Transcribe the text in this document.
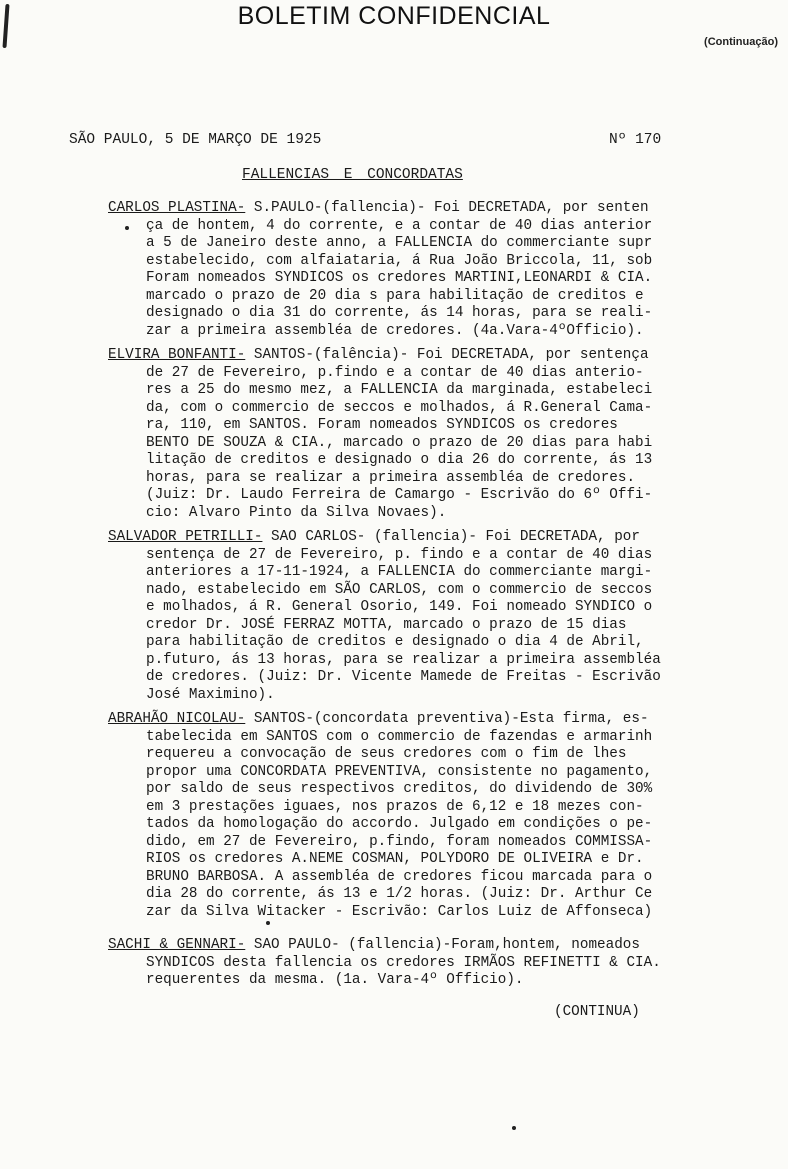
BOLETIM CONFIDENCIAL
(Continuação)
SÃO PAULO, 5 DE MARÇO DE 1925	Nº 170
FALLENCIAS E CONCORDATAS
CARLOS PLASTINA- S.PAULO-(fallencia)- Foi DECRETADA, por senten
ça de hontem, 4 do corrente, e a contar de 40 dias anterior
a 5 de Janeiro deste anno, a FALLENCIA do commerciante supr
estabelecido, com alfaiataria, á Rua João Briccola, 11, sob
Foram nomeados SYNDICOS os credores MARTINI,LEONARDI & CIA.
marcado o prazo de 20 dia s para habilitação de creditos e
designado o dia 31 do corrente, ás 14 horas, para se reali-
zar a primeira assembléa de credores. (4a.Vara-4ºOfficio).
ELVIRA BONFANTI- SANTOS-(falência)- Foi DECRETADA, por sentença
de 27 de Fevereiro, p.findo e a contar de 40 dias anterio-
res a 25 do mesmo mez, a FALLENCIA da marginada, estabeleci
da, com o commercio de seccos e molhados, á R.General Cama-
ra, 110, em SANTOS. Foram nomeados SYNDICOS os credores
BENTO DE SOUZA & CIA., marcado o prazo de 20 dias para habi
litação de creditos e designado o dia 26 do corrente, ás 13
horas, para se realizar a primeira assembléa de credores.
(Juiz: Dr. Laudo Ferreira de Camargo - Escrivão do 6º Offi-
cio: Alvaro Pinto da Silva Novaes).
SALVADOR PETRILLI- SAO CARLOS- (fallencia)- Foi DECRETADA, por
sentença de 27 de Fevereiro, p. findo e a contar de 40 dias
anteriores a 17-11-1924, a FALLENCIA do commerciante margi-
nado, estabelecido em SÃO CARLOS, com o commercio de seccos
e molhados, á R. General Osorio, 149. Foi nomeado SYNDICO o
credor Dr. JOSÉ FERRAZ MOTTA, marcado o prazo de 15 dias
para habilitação de creditos e designado o dia 4 de Abril,
p.futuro, ás 13 horas, para se realizar a primeira assembléa
de credores. (Juiz: Dr. Vicente Mamede de Freitas - Escrivão
José Maximino).
ABRAHÃO NICOLAU- SANTOS-(concordata preventiva)-Esta firma, es-
tabelecida em SANTOS com o commercio de fazendas e armarinh
requereu a convocação de seus credores com o fim de lhes
propor uma CONCORDATA PREVENTIVA, consistente no pagamento,
por saldo de seus respectivos creditos, do dividendo de 30%
em 3 prestações iguaes, nos prazos de 6,12 e 18 mezes con-
tados da homologação do accordo. Julgado em condições o pe-
dido, em 27 de Fevereiro, p.findo, foram nomeados COMMISSA-
RIOS os credores A.NEME COSMAN, POLYDORO DE OLIVEIRA e Dr.
BRUNO BARBOSA. A assembléa de credores ficou marcada para o
dia 28 do corrente, ás 13 e 1/2 horas. (Juiz: Dr. Arthur Ce
zar da Silva Witacker - Escrivão: Carlos Luiz de Affonseca)
SACHI & GENNARI- SAO PAULO- (fallencia)-Foram,hontem, nomeados
SYNDICOS desta fallencia os credores IRMÃOS REFINETTI & CIA.
requerentes da mesma. (1a. Vara-4º Officio).
(CONTINUA)
